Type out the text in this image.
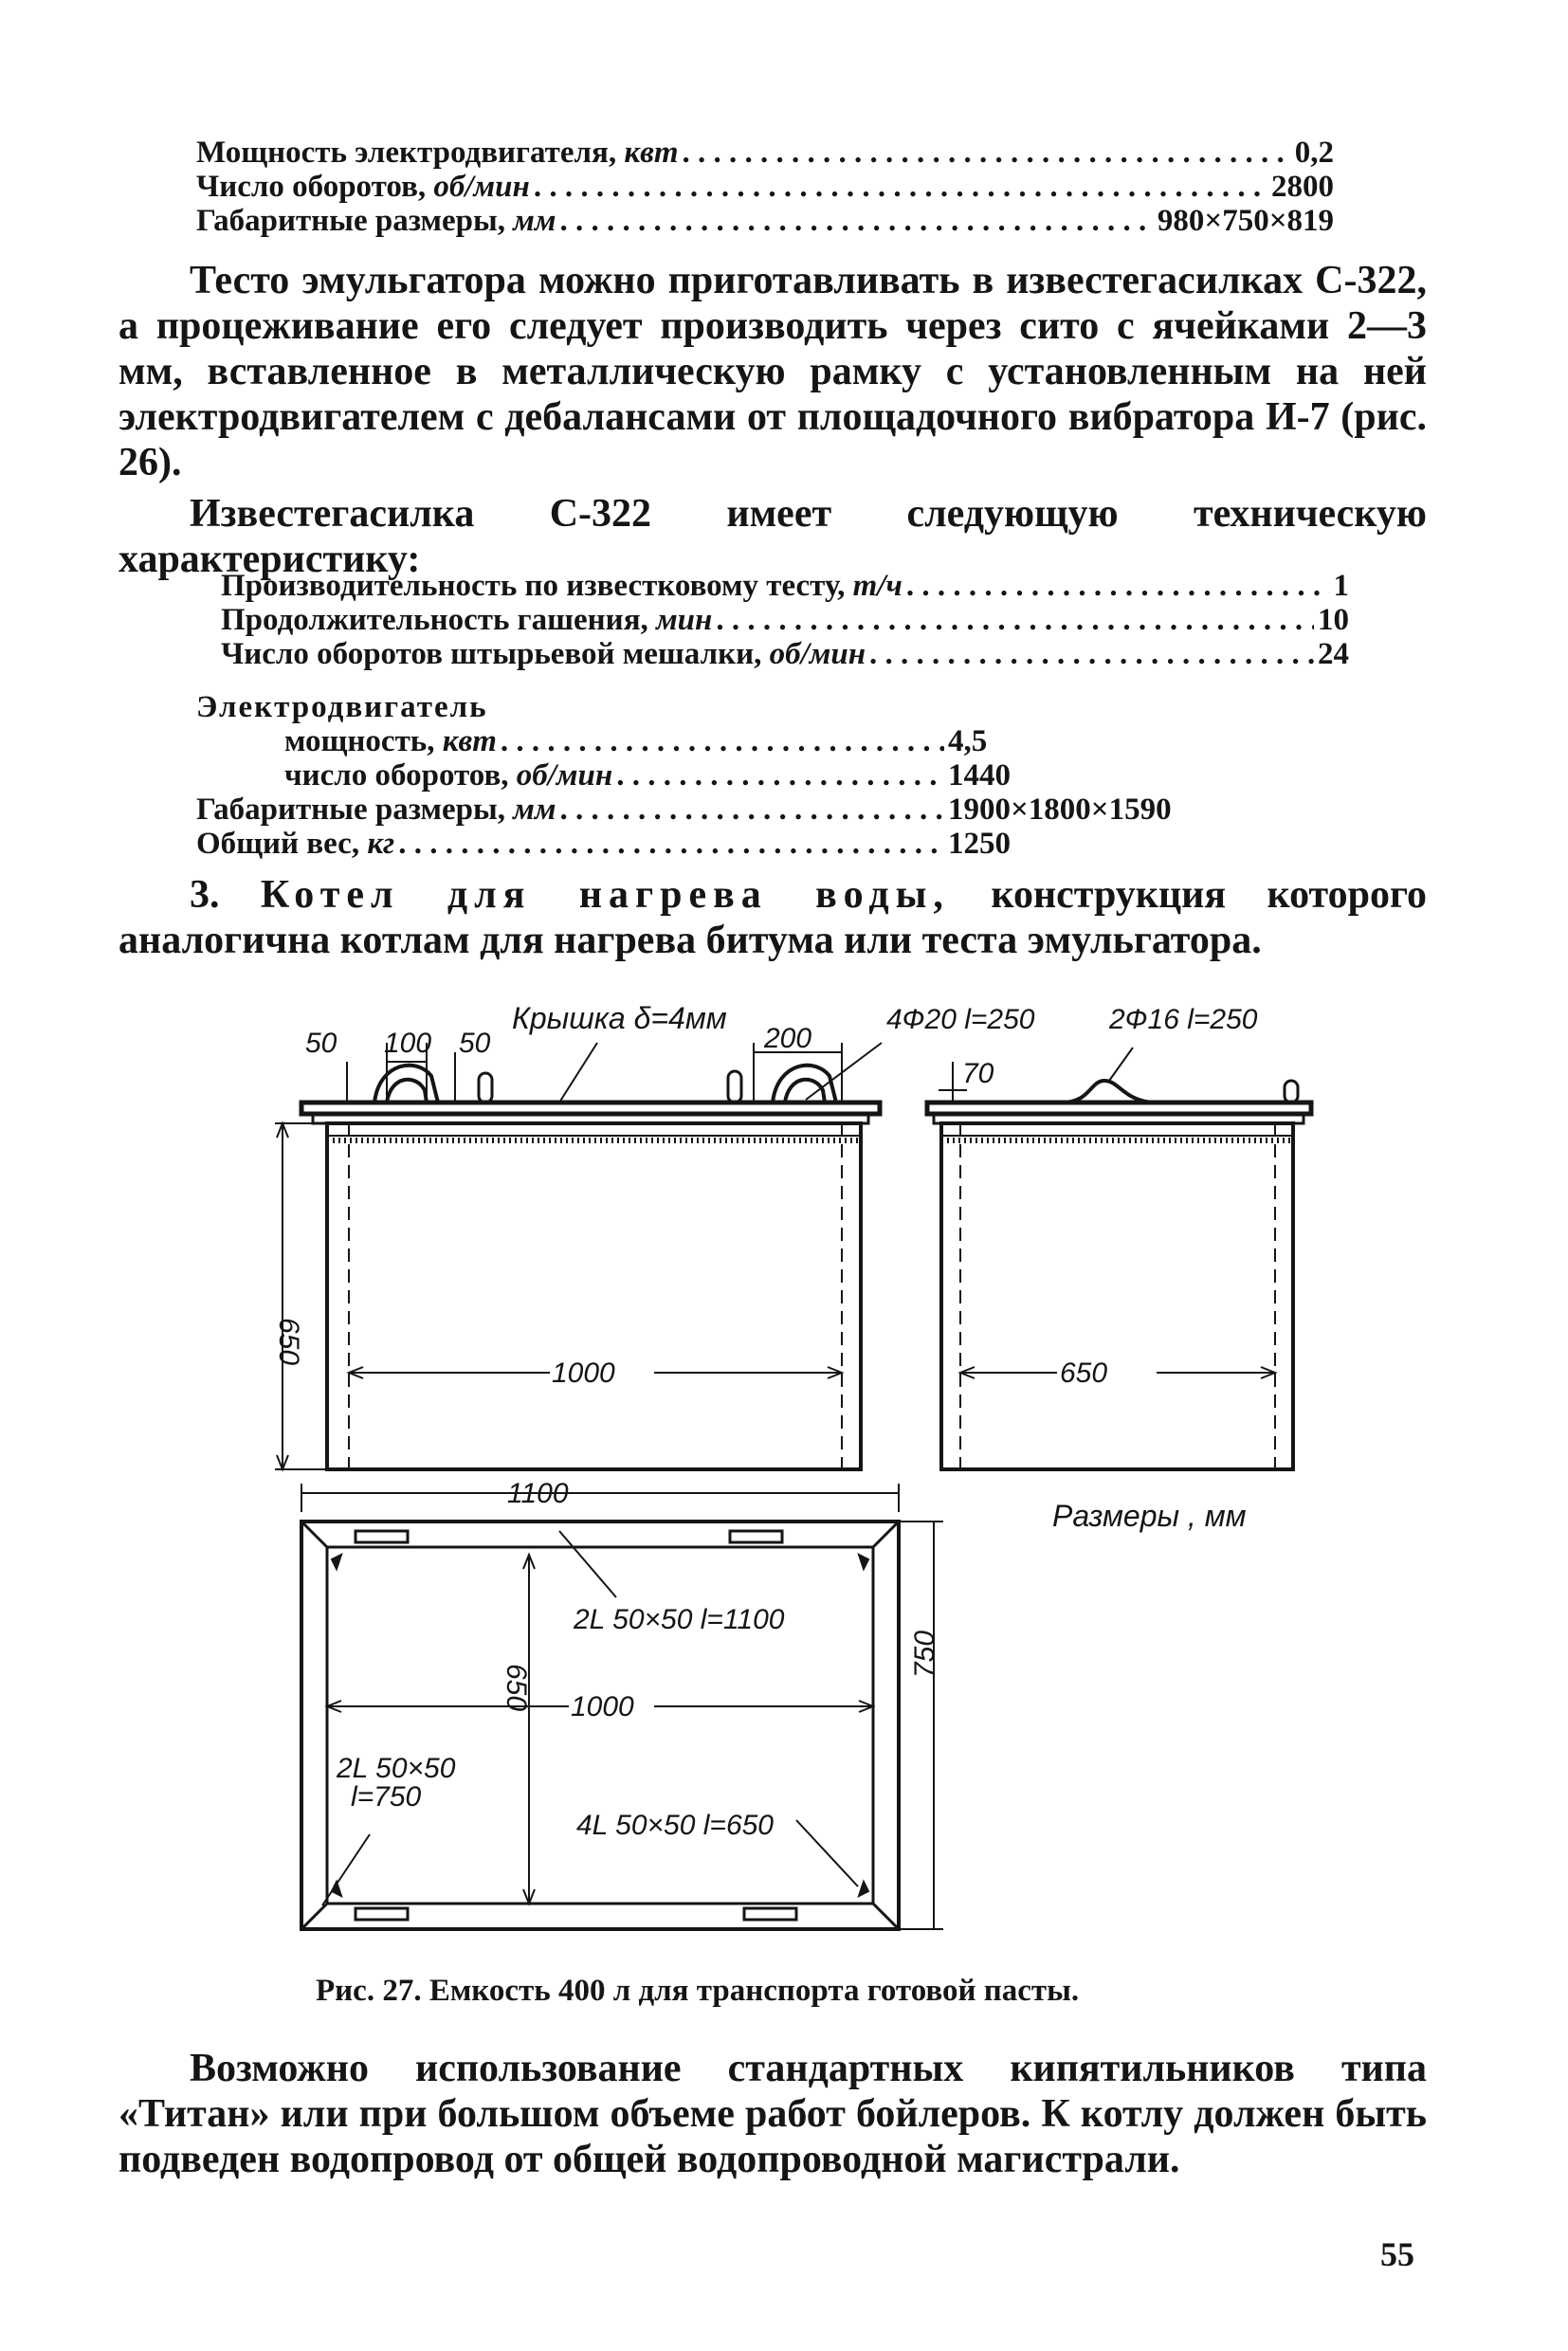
Мощность электродвигателя, квт . . .	0,2
Число оборотов, об/мин . . .	2800
Габаритные размеры, мм . . .	980×750×819

Тесто эмульгатора можно приготавливать в известегасилках С-322, а процеживание его следует производить через сито с ячейками 2—3 мм, вставленное в металлическую рамку с установленным на ней электродвигателем с дебалансами от площадочного вибратора И-7 (рис. 26).

Известегасилка С-322 имеет следующую техническую характеристику:

Производительность по известковому тесту, т/ч . . .	1
Продолжительность гашения, мин . . .	10
Число оборотов штырьевой мешалки, об/мин . . .	24
Электродвигатель
мощность, квт . . .	4,5
число оборотов, об/мин . . .	1440
Габаритные размеры, мм . . .	1900×1800×1590
Общий вес, кг . . .	1250

3. Котел для нагрева воды, конструкция которого аналогична котлам для нагрева битума или теста эмульгатора.

50 100 50
Крышка δ=4мм
200
4Ф20 l=250	2Ф16 l=250
70
650
1000	650
Размеры , мм
1100
2L 50×50 l=1100
650 1000
750
2L 50×50
l=750
4L 50×50 l=650
Рис. 27. Емкость 400 л для транспорта готовой пасты.

Возможно использование стандартных кипятильников типа «Титан» или при большом объеме работ бойлеров. К котлу должен быть подведен водопровод от общей водопроводной магистрали.

55
